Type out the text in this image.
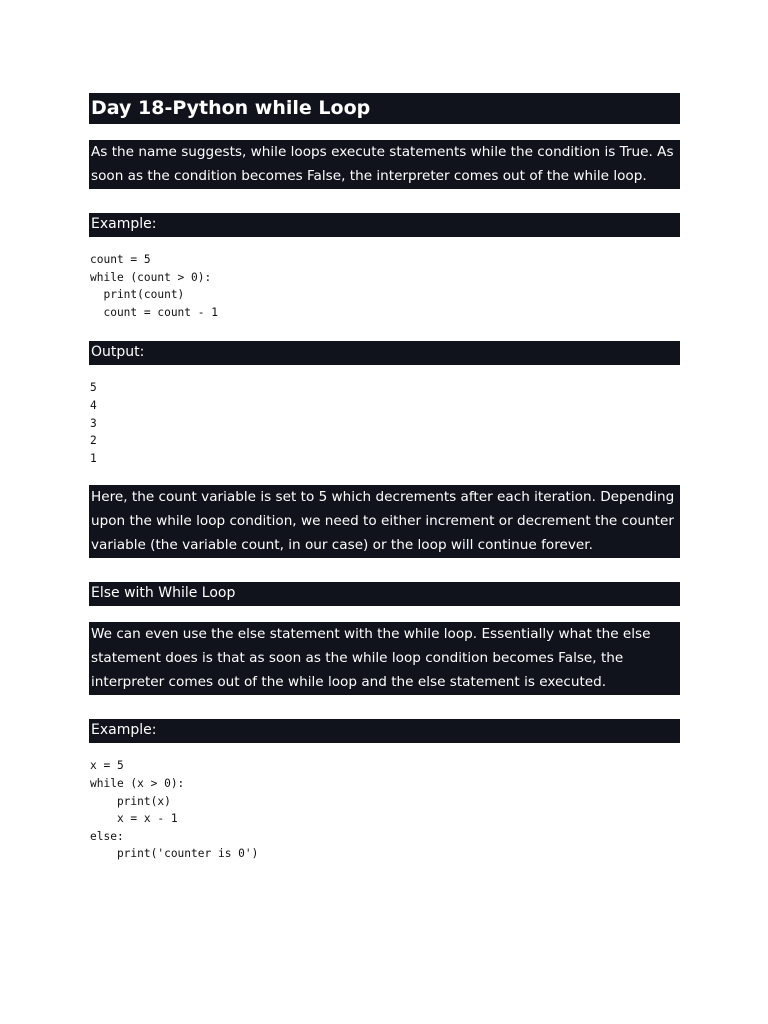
Day 18-Python while Loop
As the name suggests, while loops execute statements while the condition is True. As soon as the condition becomes False, the interpreter comes out of the while loop.
Example:
count = 5
while (count > 0):
print(count)
count = count - 1
Output:
5
4
3
2
1
Here, the count variable is set to 5 which decrements after each iteration. Depending upon the while loop condition, we need to either increment or decrement the counter variable (the variable count, in our case) or the loop will continue forever.
Else with While Loop
We can even use the else statement with the while loop. Essentially what the else statement does is that as soon as the while loop condition becomes False, the interpreter comes out of the while loop and the else statement is executed.
Example:
x = 5
while (x > 0):
print(x)
x = x - 1
else:
print('counter is 0')
